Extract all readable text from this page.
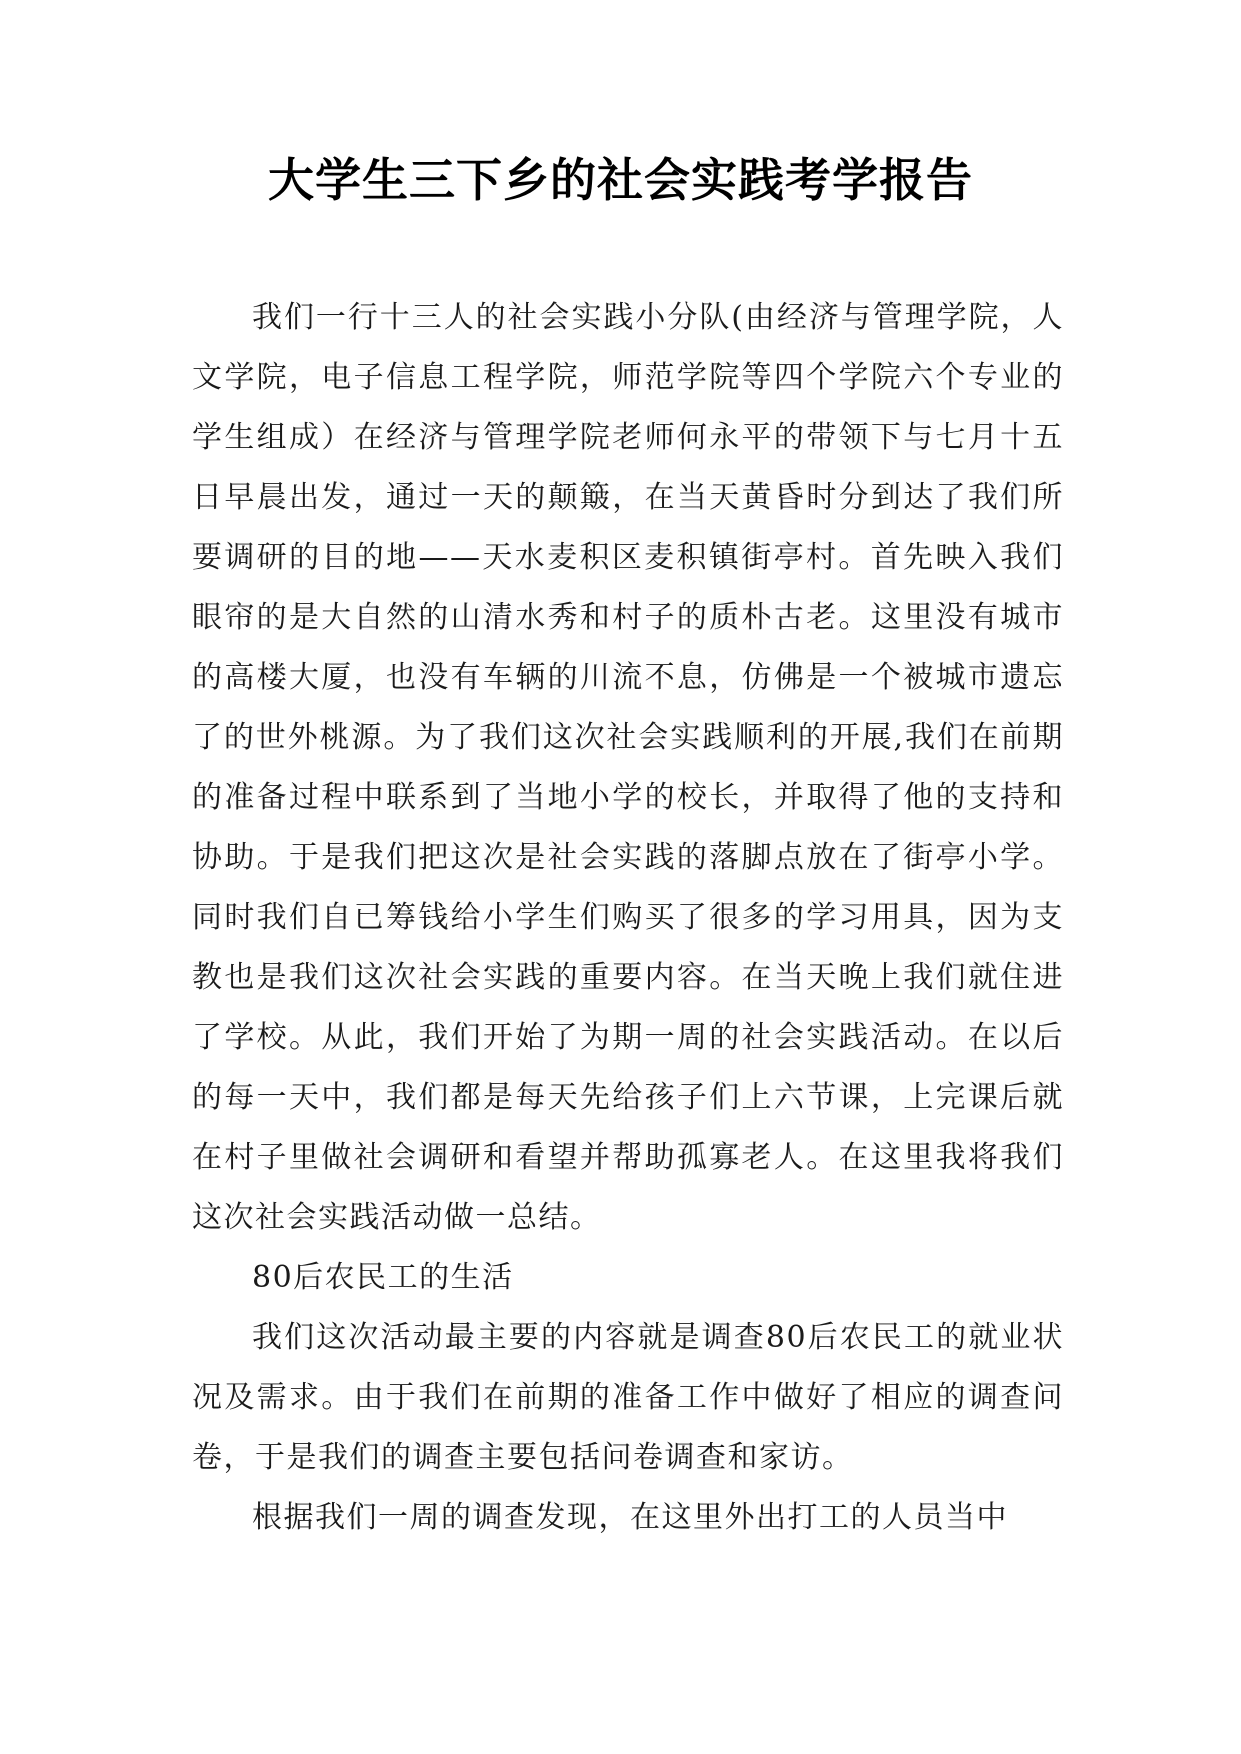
大学生三下乡的社会实践考学报告

我们一行十三人的社会实践小分队(由经济与管理学院，人文学院，电子信息工程学院，师范学院等四个学院六个专业的学生组成）在经济与管理学院老师何永平的带领下与七月十五日早晨出发，通过一天的颠簸，在当天黄昏时分到达了我们所要调研的目的地——天水麦积区麦积镇街亭村。首先映入我们眼帘的是大自然的山清水秀和村子的质朴古老。这里没有城市的高楼大厦，也没有车辆的川流不息，仿佛是一个被城市遗忘了的世外桃源。为了我们这次社会实践顺利的开展,我们在前期的准备过程中联系到了当地小学的校长，并取得了他的支持和协助。于是我们把这次是社会实践的落脚点放在了街亭小学。同时我们自已筹钱给小学生们购买了很多的学习用具，因为支教也是我们这次社会实践的重要内容。在当天晚上我们就住进了学校。从此，我们开始了为期一周的社会实践活动。在以后的每一天中，我们都是每天先给孩子们上六节课，上完课后就在村子里做社会调研和看望并帮助孤寡老人。在这里我将我们这次社会实践活动做一总结。

80后农民工的生活

我们这次活动最主要的内容就是调查80后农民工的就业状况及需求。由于我们在前期的准备工作中做好了相应的调查问卷，于是我们的调查主要包括问卷调查和家访。

根据我们一周的调查发现，在这里外出打工的人员当中
